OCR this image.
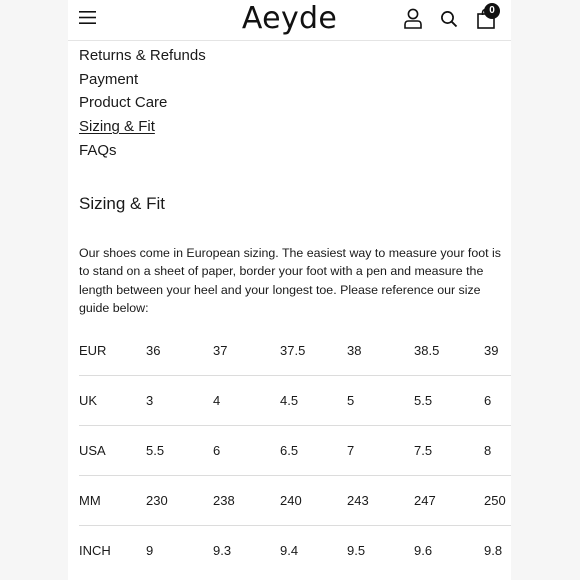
Aeyde	0
Returns & Refunds
Payment
Product Care
Sizing & Fit
FAQs
Sizing & Fit

Our shoes come in European sizing. The easiest way to measure your foot is to stand on a sheet of paper, border your foot with a pen and measure the length between your heel and your longest toe. Please reference our size guide below:

EUR	36	37	37.5	38	38.5	39
UK	3	4	4.5	5	5.5	6
USA	5.5	6	6.5	7	7.5	8
MM	230	238	240	243	247	250
INCH	9	9.3	9.4	9.5	9.6	9.8
